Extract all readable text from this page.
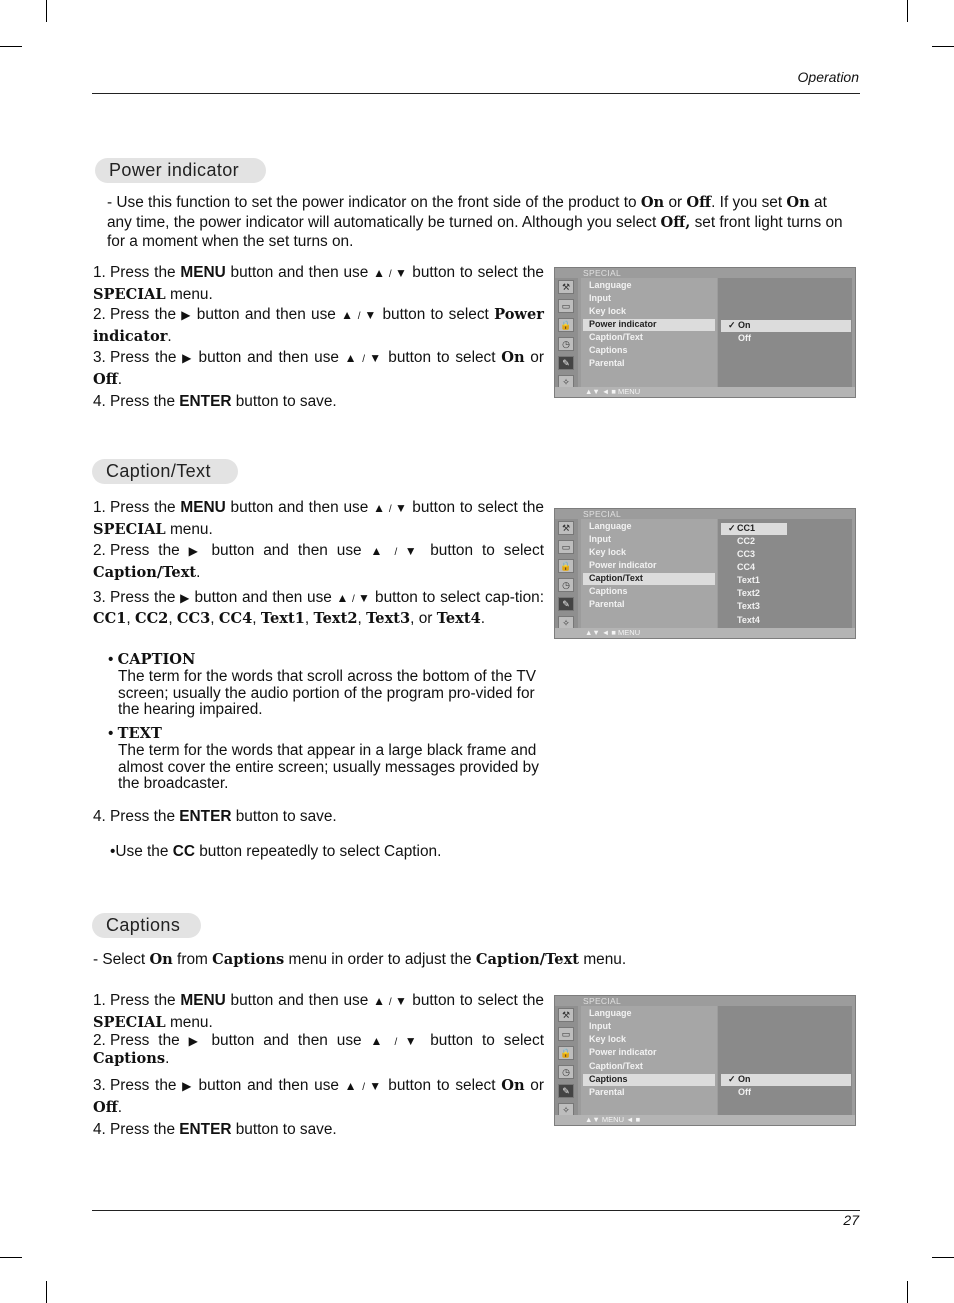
Operation
27
Power indicator
- Use this function to set the power indicator on the front side of the product to On or Off. If you set On at any time, the power indicator will automatically be turned on. Although you select Off, set front light turns on for a moment when the set turns on.
1. Press the MENU button and then use ▲ / ▼ button to select the SPECIAL menu.
2. Press the ▶ button and then use ▲ / ▼ button to select Power indicator.
3. Press the ▶ button and then use ▲ / ▼ button to select On or Off.
4. Press the ENTER button to save.
SPECIAL
⚒
▭
🔒
◷
✎
✧
Language
Input
Key lock
Power indicator
Caption/Text
Captions
Parental
✓ On
Off
▲▼ ◄ ■ MENU
Caption/Text
1. Press the MENU button and then use ▲ / ▼ button to select the SPECIAL menu.
2. Press the ▶ button and then use ▲ / ▼ button to select Caption/Text.
3. Press the ▶ button and then use ▲ / ▼ button to select cap-tion: CC1, CC2, CC3, CC4, Text1, Text2, Text3, or Text4.
• CAPTION
The term for the words that scroll across the bottom of the TV screen; usually the audio portion of the program pro-vided for the hearing impaired.
• TEXT
The term for the words that appear in a large black frame and almost cover the entire screen; usually messages provided by the broadcaster.
4. Press the ENTER button to save.
•Use the CC button repeatedly to select Caption.
SPECIAL
⚒
▭
🔒
◷
✎
✧
Language
Input
Key lock
Power indicator
Caption/Text
Captions
Parental
✓ CC1
CC2
CC3
CC4
Text1
Text2
Text3
Text4
▲▼ ◄ ■ MENU
Captions
- Select On from Captions menu in order to adjust the Caption/Text menu.
1. Press the MENU button and then use ▲ / ▼ button to select the SPECIAL menu.
2. Press the ▶ button and then use ▲ / ▼ button to select Captions.
3. Press the ▶ button and then use ▲ / ▼ button to select On or Off.
4. Press the ENTER button to save.
SPECIAL
⚒
▭
🔒
◷
✎
✧
Language
Input
Key lock
Power indicator
Caption/Text
Captions
Parental
✓ On
Off
▲▼ MENU ◄ ■
